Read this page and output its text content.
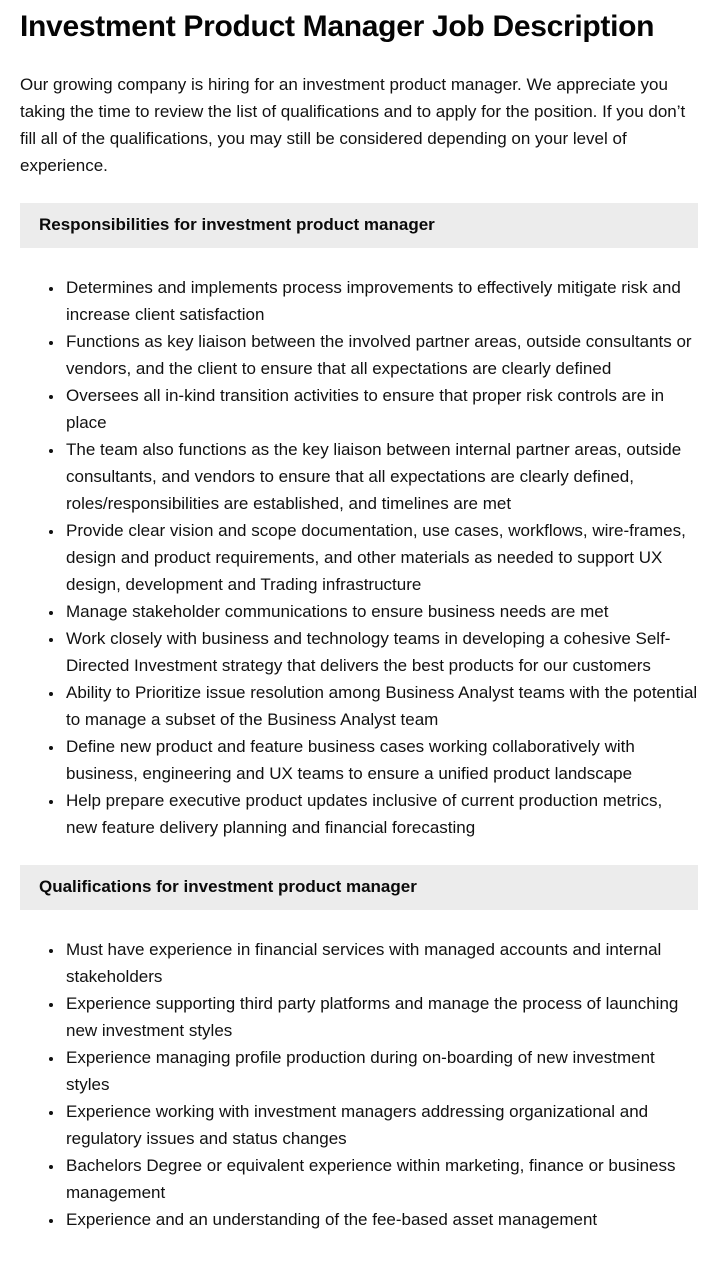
Investment Product Manager Job Description

Our growing company is hiring for an investment product manager. We appreciate you taking the time to review the list of qualifications and to apply for the position. If you don’t fill all of the qualifications, you may still be considered depending on your level of experience.

Responsibilities for investment product manager
• Determines and implements process improvements to effectively mitigate risk and increase client satisfaction
• Functions as key liaison between the involved partner areas, outside consultants or vendors, and the client to ensure that all expectations are clearly defined
• Oversees all in-kind transition activities to ensure that proper risk controls are in place
• The team also functions as the key liaison between internal partner areas, outside consultants, and vendors to ensure that all expectations are clearly defined, roles/responsibilities are established, and timelines are met
• Provide clear vision and scope documentation, use cases, workflows, wire-frames, design and product requirements, and other materials as needed to support UX design, development and Trading infrastructure
• Manage stakeholder communications to ensure business needs are met
• Work closely with business and technology teams in developing a cohesive Self-Directed Investment strategy that delivers the best products for our customers
• Ability to Prioritize issue resolution among Business Analyst teams with the potential to manage a subset of the Business Analyst team
• Define new product and feature business cases working collaboratively with business, engineering and UX teams to ensure a unified product landscape
• Help prepare executive product updates inclusive of current production metrics, new feature delivery planning and financial forecasting
Qualifications for investment product manager
• Must have experience in financial services with managed accounts and internal stakeholders
• Experience supporting third party platforms and manage the process of launching new investment styles
• Experience managing profile production during on-boarding of new investment styles
• Experience working with investment managers addressing organizational and regulatory issues and status changes
• Bachelors Degree or equivalent experience within marketing, finance or business management
• Experience and an understanding of the fee-based asset management
